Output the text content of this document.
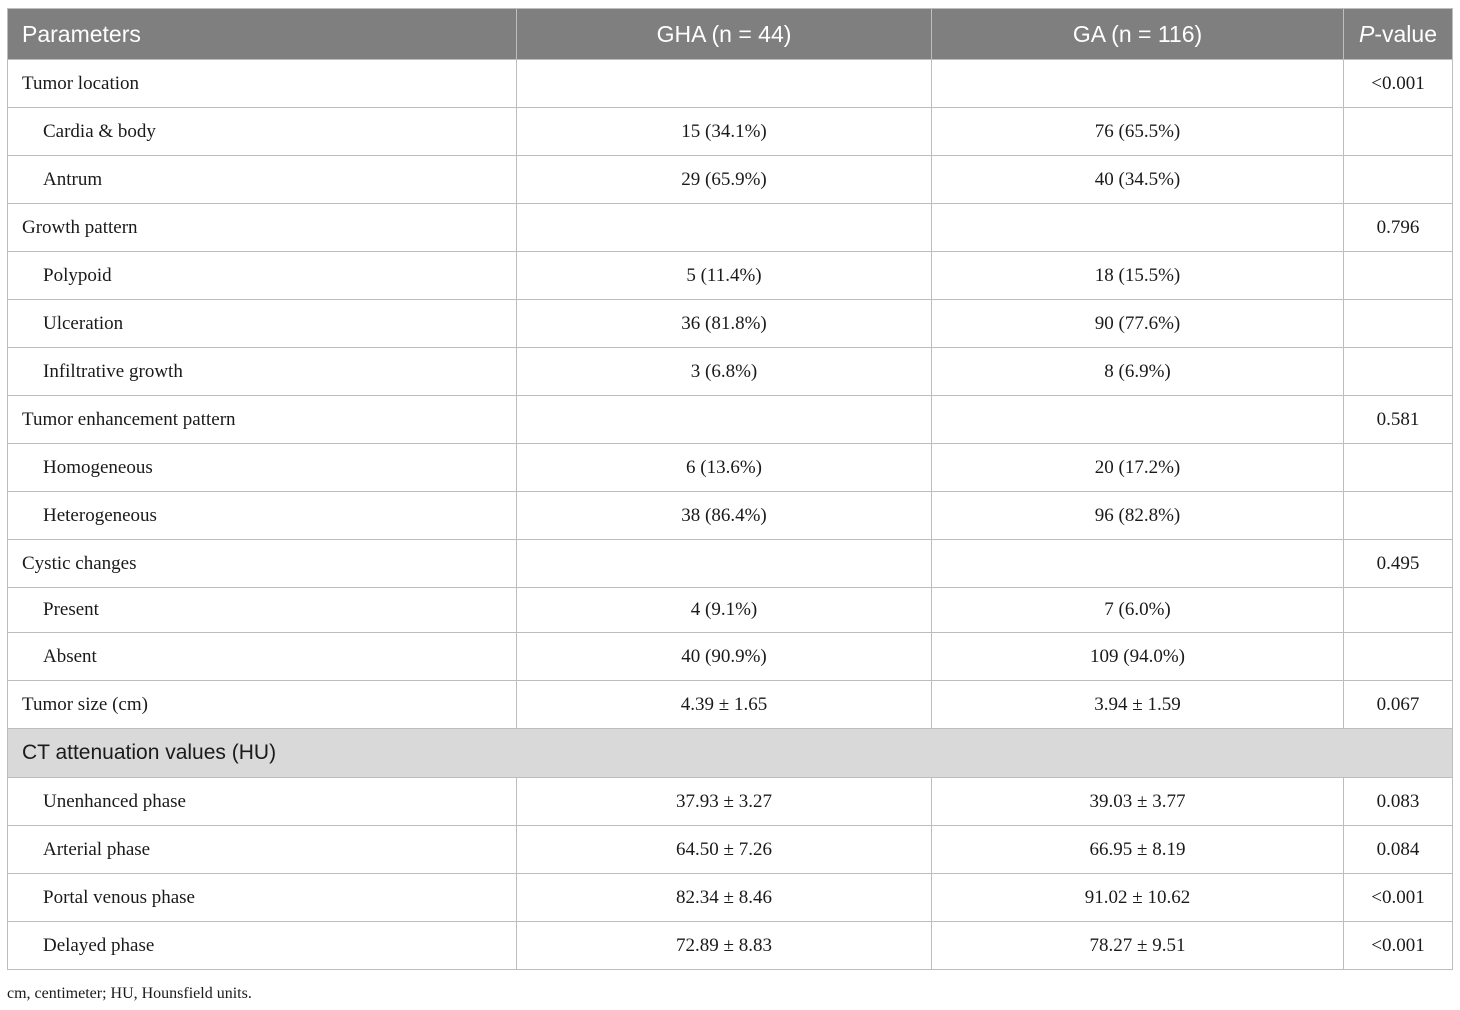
Parameters	GHA (n = 44)	GA (n = 116)	P-value
Tumor location			<0.001
Cardia & body	15 (34.1%)	76 (65.5%)	
Antrum	29 (65.9%)	40 (34.5%)	
Growth pattern			0.796
Polypoid	5 (11.4%)	18 (15.5%)	
Ulceration	36 (81.8%)	90 (77.6%)	
Infiltrative growth	3 (6.8%)	8 (6.9%)	
Tumor enhancement pattern			0.581
Homogeneous	6 (13.6%)	20 (17.2%)	
Heterogeneous	38 (86.4%)	96 (82.8%)	
Cystic changes			0.495
Present	4 (9.1%)	7 (6.0%)	
Absent	40 (90.9%)	109 (94.0%)	
Tumor size (cm)	4.39 ± 1.65	3.94 ± 1.59	0.067
CT attenuation values (HU)			
Unenhanced phase	37.93 ± 3.27	39.03 ± 3.77	0.083
Arterial phase	64.50 ± 7.26	66.95 ± 8.19	0.084
Portal venous phase	82.34 ± 8.46	91.02 ± 10.62	<0.001
Delayed phase	72.89 ± 8.83	78.27 ± 9.51	<0.001
cm, centimeter; HU, Hounsfield units.
